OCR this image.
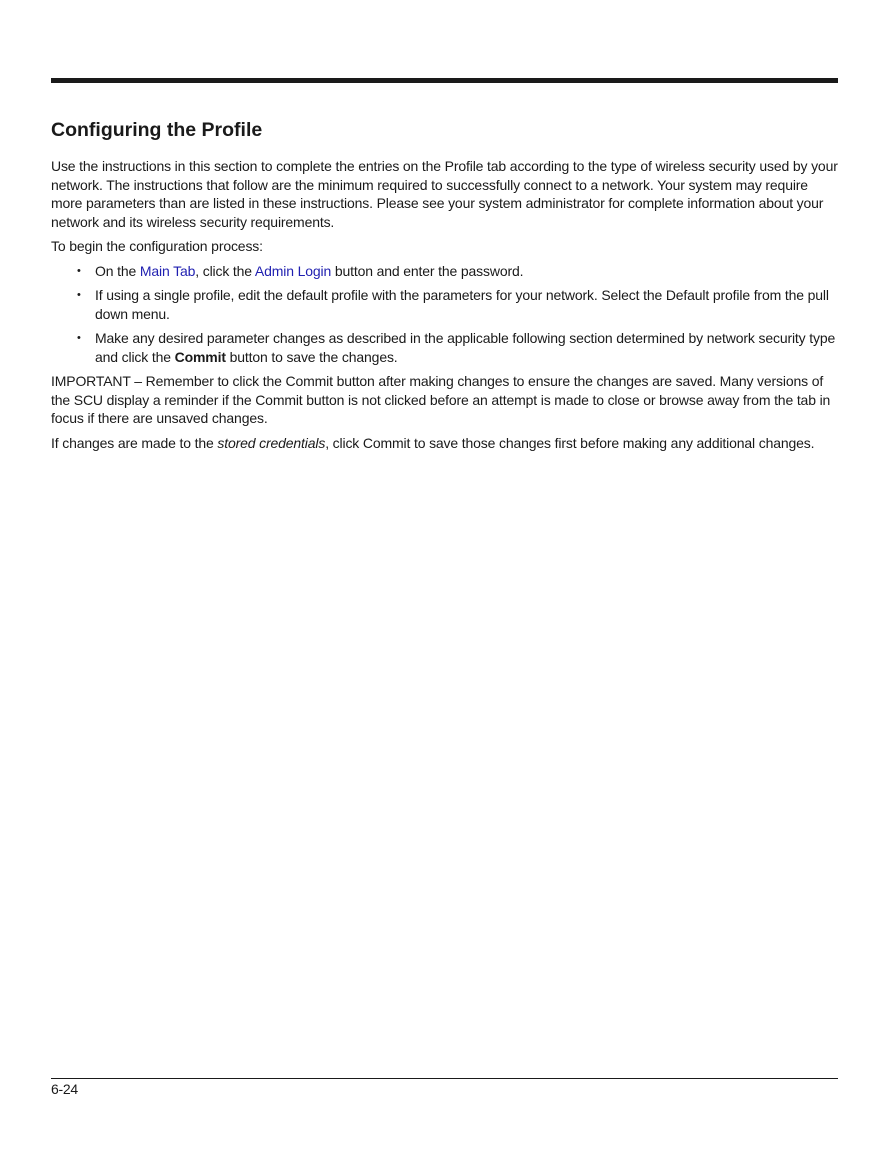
Configuring the Profile

Use the instructions in this section to complete the entries on the Profile tab according to the type of wireless security used by your network. The instructions that follow are the minimum required to successfully connect to a network. Your system may require more parameters than are listed in these instructions. Please see your system administrator for complete information about your network and its wireless security requirements.

To begin the configuration process:

• On the Main Tab, click the Admin Login button and enter the password.
• If using a single profile, edit the default profile with the parameters for your network. Select the Default profile from the pull down menu.
• Make any desired parameter changes as described in the applicable following section determined by network security type and click the Commit button to save the changes.

IMPORTANT – Remember to click the Commit button after making changes to ensure the changes are saved. Many versions of the SCU display a reminder if the Commit button is not clicked before an attempt is made to close or browse away from the tab in focus if there are unsaved changes.

If changes are made to the stored credentials, click Commit to save those changes first before making any additional changes.

6-24
